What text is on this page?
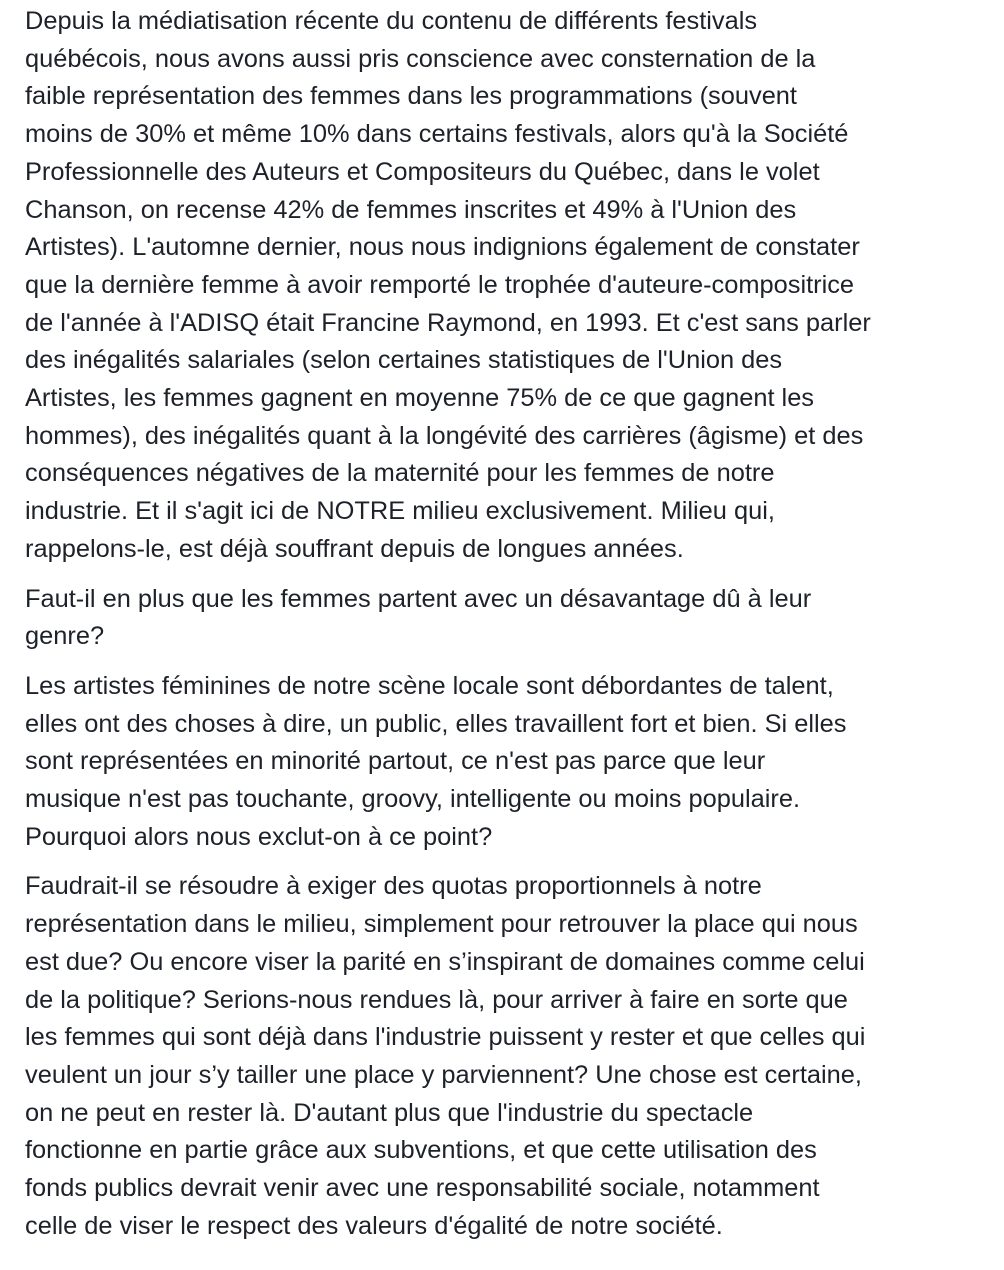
Depuis la médiatisation récente du contenu de différents festivals
québécois, nous avons aussi pris conscience avec consternation de la
faible représentation des femmes dans les programmations (souvent
moins de 30% et même 10% dans certains festivals, alors qu'à la Société
Professionnelle des Auteurs et Compositeurs du Québec, dans le volet
Chanson, on recense 42% de femmes inscrites et 49% à l'Union des
Artistes). L'automne dernier, nous nous indignions également de constater
que la dernière femme à avoir remporté le trophée d'auteure-compositrice
de l'année à l'ADISQ était Francine Raymond, en 1993. Et c'est sans parler
des inégalités salariales (selon certaines statistiques de l'Union des
Artistes, les femmes gagnent en moyenne 75% de ce que gagnent les
hommes), des inégalités quant à la longévité des carrières (âgisme) et des
conséquences négatives de la maternité pour les femmes de notre
industrie. Et il s'agit ici de NOTRE milieu exclusivement. Milieu qui,
rappelons-le, est déjà souffrant depuis de longues années.

Faut-il en plus que les femmes partent avec un désavantage dû à leur
genre?

Les artistes féminines de notre scène locale sont débordantes de talent,
elles ont des choses à dire, un public, elles travaillent fort et bien. Si elles
sont représentées en minorité partout, ce n'est pas parce que leur
musique n'est pas touchante, groovy, intelligente ou moins populaire.
Pourquoi alors nous exclut-on à ce point?

Faudrait-il se résoudre à exiger des quotas proportionnels à notre
représentation dans le milieu, simplement pour retrouver la place qui nous
est due? Ou encore viser la parité en s’inspirant de domaines comme celui
de la politique? Serions-nous rendues là, pour arriver à faire en sorte que
les femmes qui sont déjà dans l'industrie puissent y rester et que celles qui
veulent un jour s’y tailler une place y parviennent? Une chose est certaine,
on ne peut en rester là. D'autant plus que l'industrie du spectacle
fonctionne en partie grâce aux subventions, et que cette utilisation des
fonds publics devrait venir avec une responsabilité sociale, notamment
celle de viser le respect des valeurs d'égalité de notre société.
